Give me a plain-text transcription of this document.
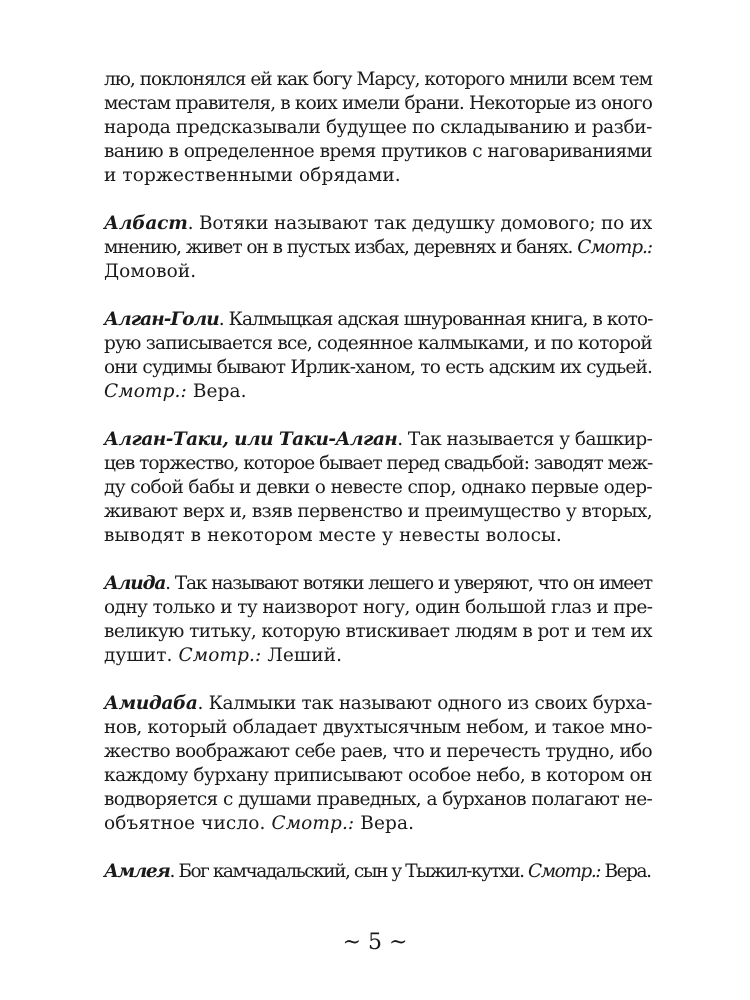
лю, поклонялся ей как богу Марсу, которого мнили всем тем
местам правителя, в коих имели брани. Некоторые из оного
народа предсказывали будущее по складыванию и разби-
ванию в определенное время прутиков с наговариваниями
и торжественными обрядами.
Албаст. Вотяки называют так дедушку домового; по их
мнению, живет он в пустых избах, деревнях и банях. Смотр.:
Домовой.
Алган-Голи. Калмыцкая адская шнурованная книга, в кото-
рую записывается все, содеянное калмыками, и по которой
они судимы бывают Ирлик-ханом, то есть адским их судьей.
Смотр.: Вера.
Алган-Таки, или Таки-Алган. Так называется у башкир-
цев торжество, которое бывает перед свадьбой: заводят меж-
ду собой бабы и девки о невесте спор, однако первые одер-
живают верх и, взяв первенство и преимущество у вторых,
выводят в некотором месте у невесты волосы.
Алида. Так называют вотяки лешего и уверяют, что он имеет
одну только и ту наизворот ногу, один большой глаз и пре-
великую титьку, которую втискивает людям в рот и тем их
душит. Смотр.: Леший.
Амидаба. Калмыки так называют одного из своих бурха-
нов, который обладает двухтысячным небом, и такое мно-
жество воображают себе раев, что и перечесть трудно, ибо
каждому бурхану приписывают особое небо, в котором он
водворяется с душами праведных, а бурханов полагают не-
объятное число. Смотр.: Вера.
Амлея. Бог камчадальский, сын у Тыжил-кутхи. Смотр.: Вера.
~ 5 ~
